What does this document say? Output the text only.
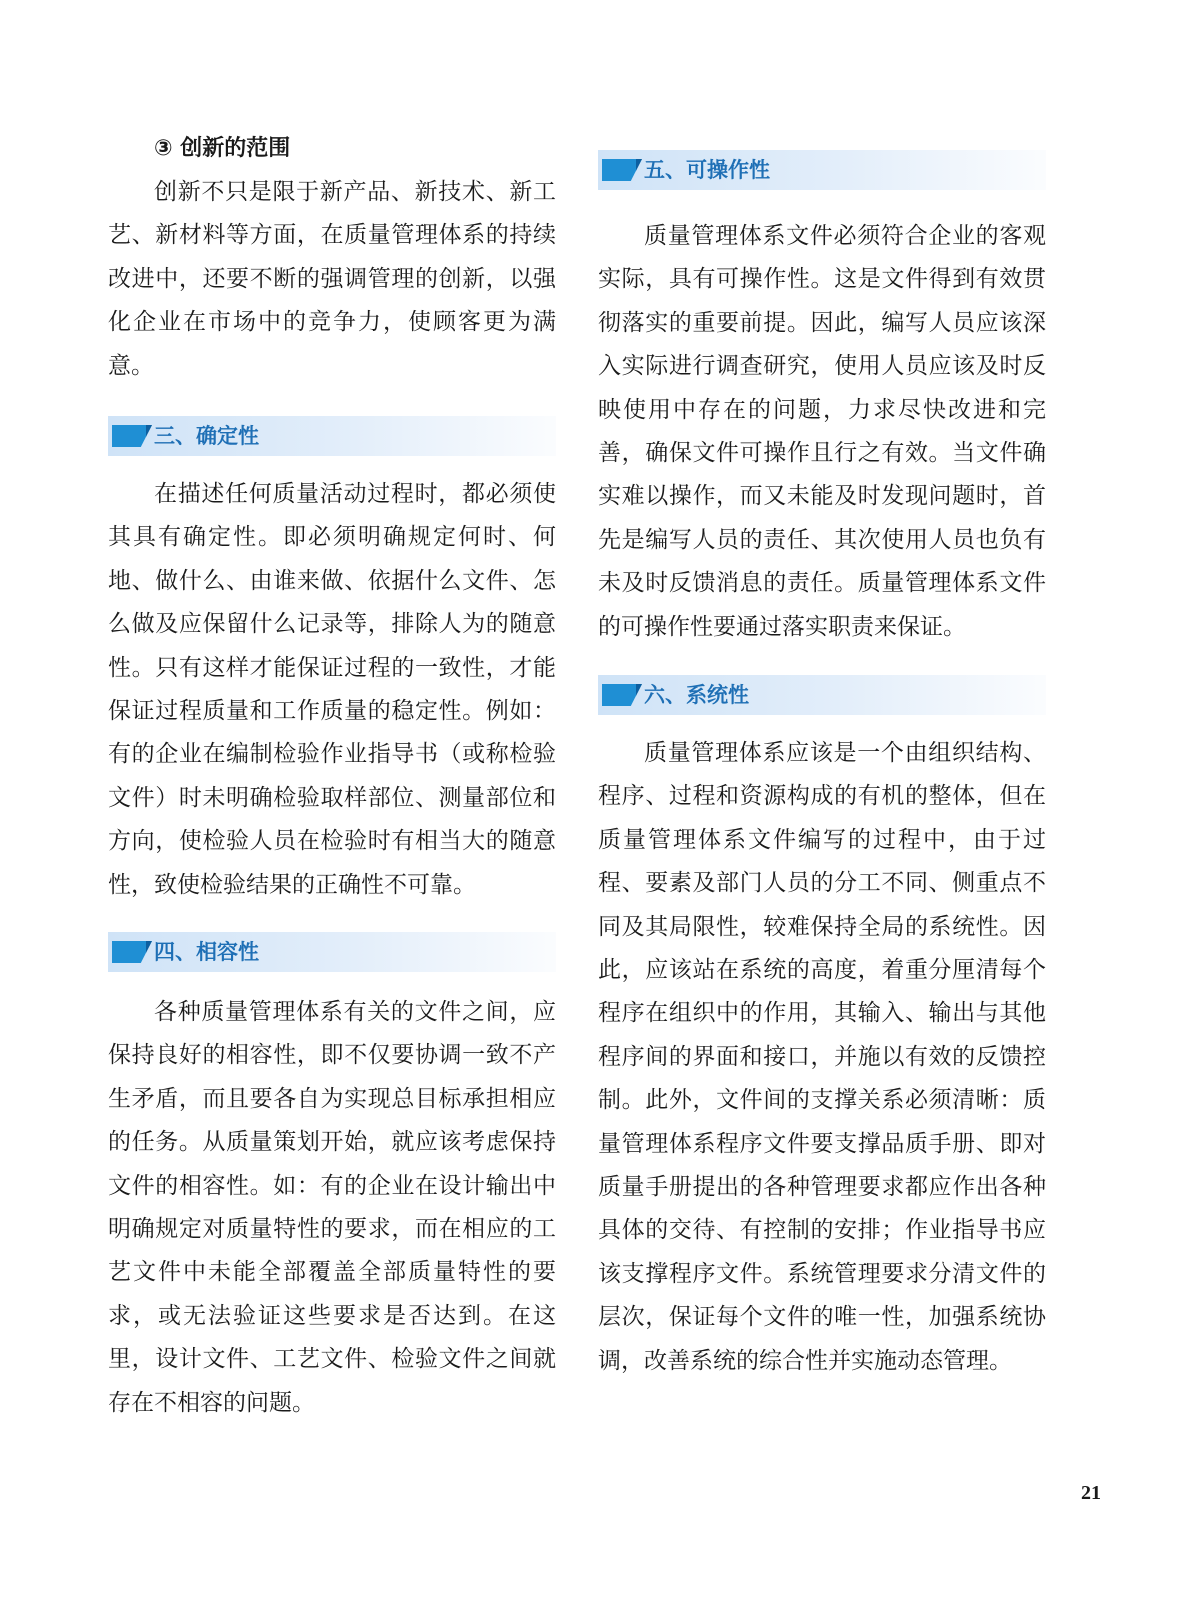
③ 创新的范围

创新不只是限于新产品、新技术、新工艺、新材料等方面，在质量管理体系的持续改进中，还要不断的强调管理的创新，以强化企业在市场中的竞争力，使顾客更为满意。

三、确定性

在描述任何质量活动过程时，都必须使其具有确定性。即必须明确规定何时、何地、做什么、由谁来做、依据什么文件、怎么做及应保留什么记录等，排除人为的随意性。只有这样才能保证过程的一致性，才能保证过程质量和工作质量的稳定性。例如：有的企业在编制检验作业指导书（或称检验文件）时未明确检验取样部位、测量部位和方向，使检验人员在检验时有相当大的随意性，致使检验结果的正确性不可靠。

四、相容性

各种质量管理体系有关的文件之间，应保持良好的相容性，即不仅要协调一致不产生矛盾，而且要各自为实现总目标承担相应的任务。从质量策划开始，就应该考虑保持文件的相容性。如：有的企业在设计输出中明确规定对质量特性的要求，而在相应的工艺文件中未能全部覆盖全部质量特性的要求，或无法验证这些要求是否达到。在这里，设计文件、工艺文件、检验文件之间就存在不相容的问题。

五、可操作性

质量管理体系文件必须符合企业的客观实际，具有可操作性。这是文件得到有效贯彻落实的重要前提。因此，编写人员应该深入实际进行调查研究，使用人员应该及时反映使用中存在的问题，力求尽快改进和完善，确保文件可操作且行之有效。当文件确实难以操作，而又未能及时发现问题时，首先是编写人员的责任、其次使用人员也负有未及时反馈消息的责任。质量管理体系文件的可操作性要通过落实职责来保证。

六、系统性

质量管理体系应该是一个由组织结构、程序、过程和资源构成的有机的整体，但在质量管理体系文件编写的过程中，由于过程、要素及部门人员的分工不同、侧重点不同及其局限性，较难保持全局的系统性。因此，应该站在系统的高度，着重分厘清每个程序在组织中的作用，其输入、输出与其他程序间的界面和接口，并施以有效的反馈控制。此外，文件间的支撑关系必须清晰：质量管理体系程序文件要支撑品质手册、即对质量手册提出的各种管理要求都应作出各种具体的交待、有控制的安排；作业指导书应该支撑程序文件。系统管理要求分清文件的层次，保证每个文件的唯一性，加强系统协调，改善系统的综合性并实施动态管理。

21
